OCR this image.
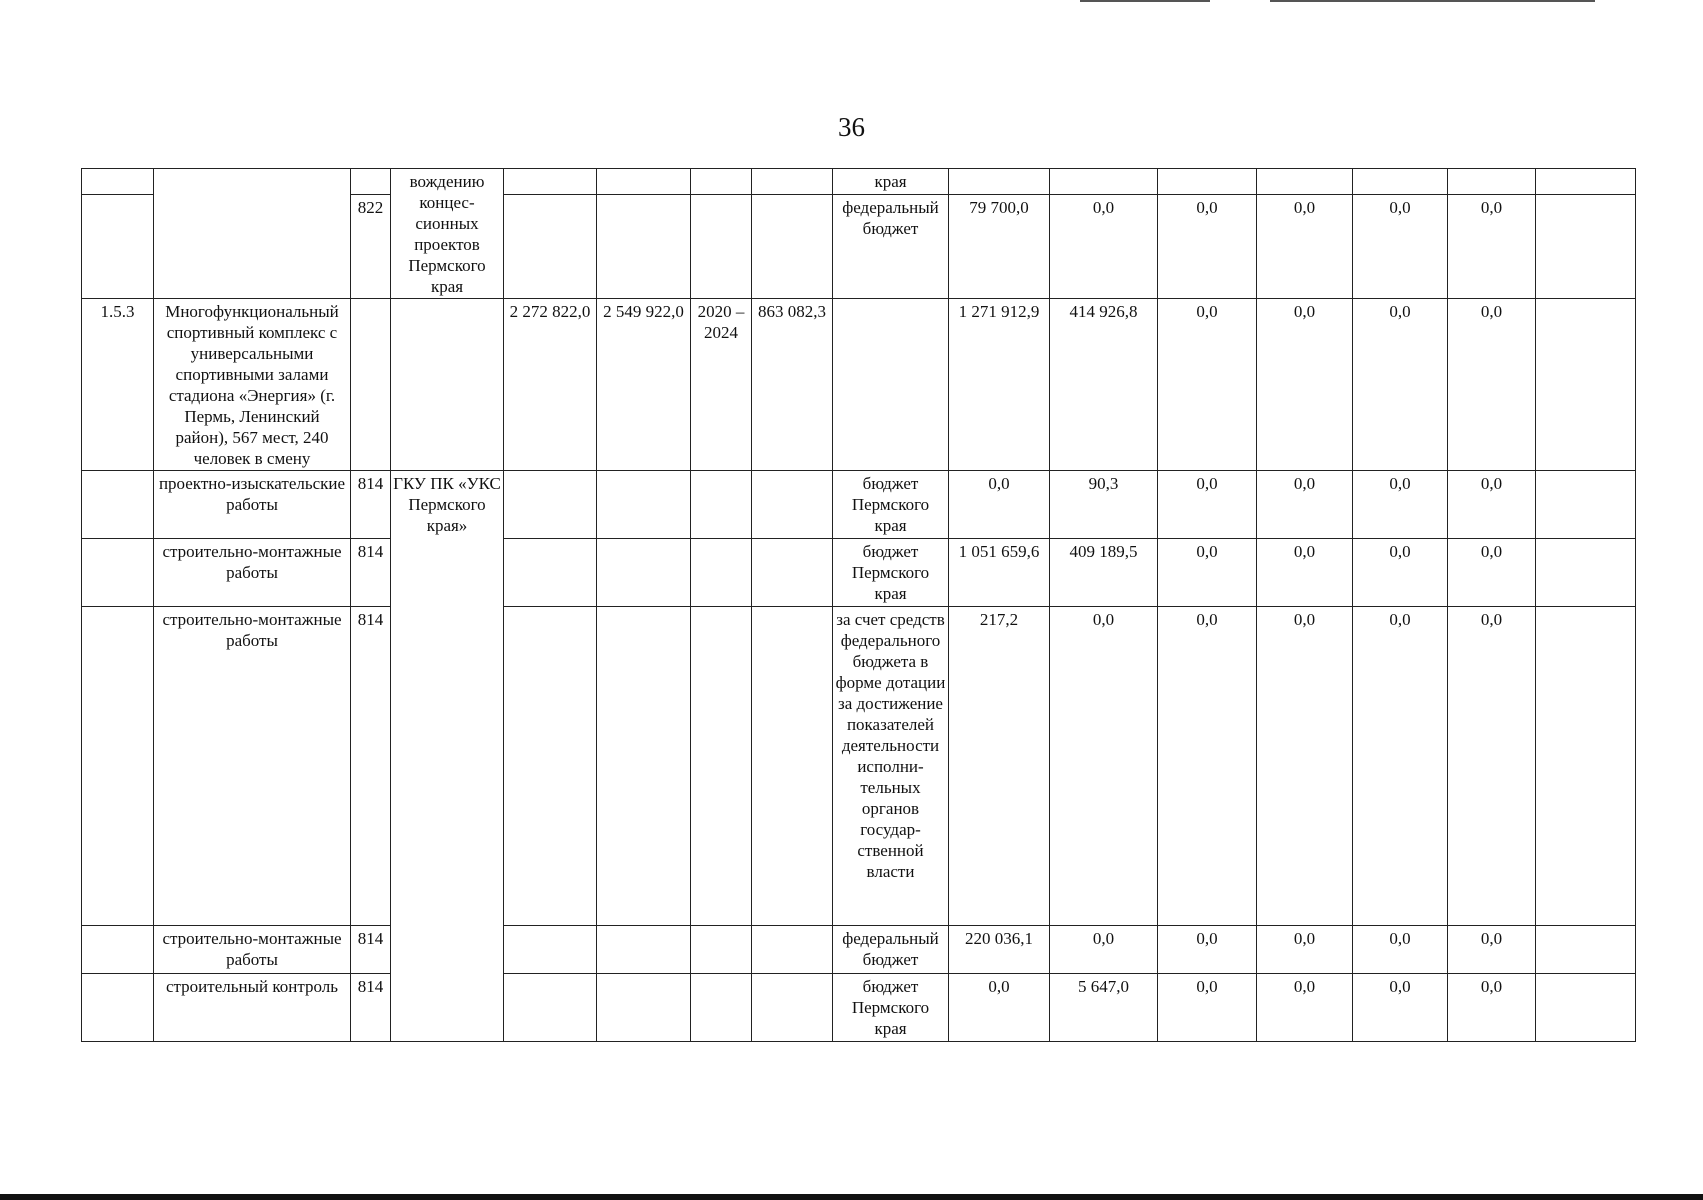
36
			вождению концес-сионных проектов Пермского края					края							
		822						федеральный бюджет	79 700,0	0,0	0,0	0,0	0,0	0,0	
1.5.3	Многофункциональный спортивный комплекс с универсальными спортивными залами стадиона «Энергия» (г. Пермь, Ленинский район), 567 мест, 240 человек в смену			2 272 822,0	2 549 922,0	2020 – 2024	863 082,3		1 271 912,9	414 926,8	0,0	0,0	0,0	0,0	
	проектно-изыскательские работы	814	ГКУ ПК «УКС Пермского края»					бюджет Пермского края	0,0	90,3	0,0	0,0	0,0	0,0	
	строительно-монтажные работы	814						бюджет Пермского края	1 051 659,6	409 189,5	0,0	0,0	0,0	0,0	
	строительно-монтажные работы	814						за счет средств федерального бюджета в форме дотации за достижение показателей деятельности исполни-тельных органов государ-ственной власти	217,2	0,0	0,0	0,0	0,0	0,0	
	строительно-монтажные работы	814						федеральный бюджет	220 036,1	0,0	0,0	0,0	0,0	0,0	
	строительный контроль	814						бюджет Пермского края	0,0	5 647,0	0,0	0,0	0,0	0,0	
